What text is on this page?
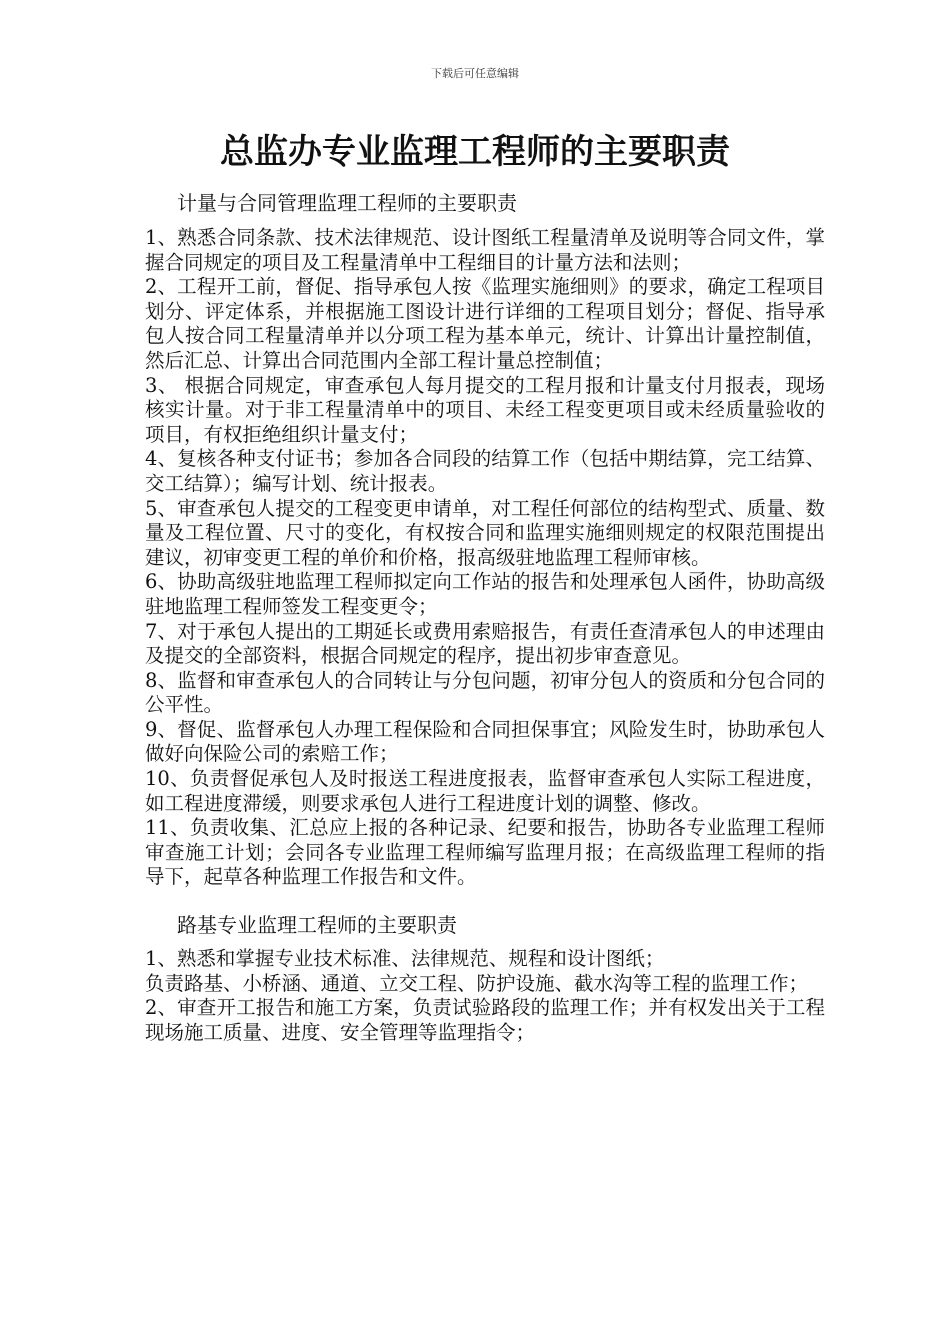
下载后可任意编辑
总监办专业监理工程师的主要职责
计量与合同管理监理工程师的主要职责

1、熟悉合同条款、技术法律规范、设计图纸工程量清单及说明等合同文件，掌握合同规定的项目及工程量清单中工程细目的计量方法和法则；

2、工程开工前，督促、指导承包人按《监理实施细则》的要求，确定工程项目划分、评定体系，并根据施工图设计进行详细的工程项目划分；督促、指导承包人按合同工程量清单并以分项工程为基本单元，统计、计算出计量控制值，然后汇总、计算出合同范围内全部工程计量总控制值；

3、 根据合同规定，审查承包人每月提交的工程月报和计量支付月报表，现场核实计量。对于非工程量清单中的项目、未经工程变更项目或未经质量验收的项目，有权拒绝组织计量支付；

4、复核各种支付证书；参加各合同段的结算工作（包括中期结算，完工结算、交工结算）；编写计划、统计报表。

5、审查承包人提交的工程变更申请单，对工程任何部位的结构型式、质量、数量及工程位置、尺寸的变化，有权按合同和监理实施细则规定的权限范围提出建议，初审变更工程的单价和价格，报高级驻地监理工程师审核。

6、协助高级驻地监理工程师拟定向工作站的报告和处理承包人函件，协助高级驻地监理工程师签发工程变更令；

7、对于承包人提出的工期延长或费用索赔报告，有责任查清承包人的申述理由及提交的全部资料，根据合同规定的程序，提出初步审查意见。

8、监督和审查承包人的合同转让与分包问题，初审分包人的资质和分包合同的公平性。

9、督促、监督承包人办理工程保险和合同担保事宜；风险发生时，协助承包人做好向保险公司的索赔工作；

10、负责督促承包人及时报送工程进度报表，监督审查承包人实际工程进度，如工程进度滞缓，则要求承包人进行工程进度计划的调整、修改。

11、负责收集、汇总应上报的各种记录、纪要和报告，协助各专业监理工程师审查施工计划；会同各专业监理工程师编写监理月报；在高级监理工程师的指导下，起草各种监理工作报告和文件。

路基专业监理工程师的主要职责

1、熟悉和掌握专业技术标准、法律规范、规程和设计图纸；

负责路基、小桥涵、通道、立交工程、防护设施、截水沟等工程的监理工作；

2、审查开工报告和施工方案，负责试验路段的监理工作；并有权发出关于工程现场施工质量、进度、安全管理等监理指令；
